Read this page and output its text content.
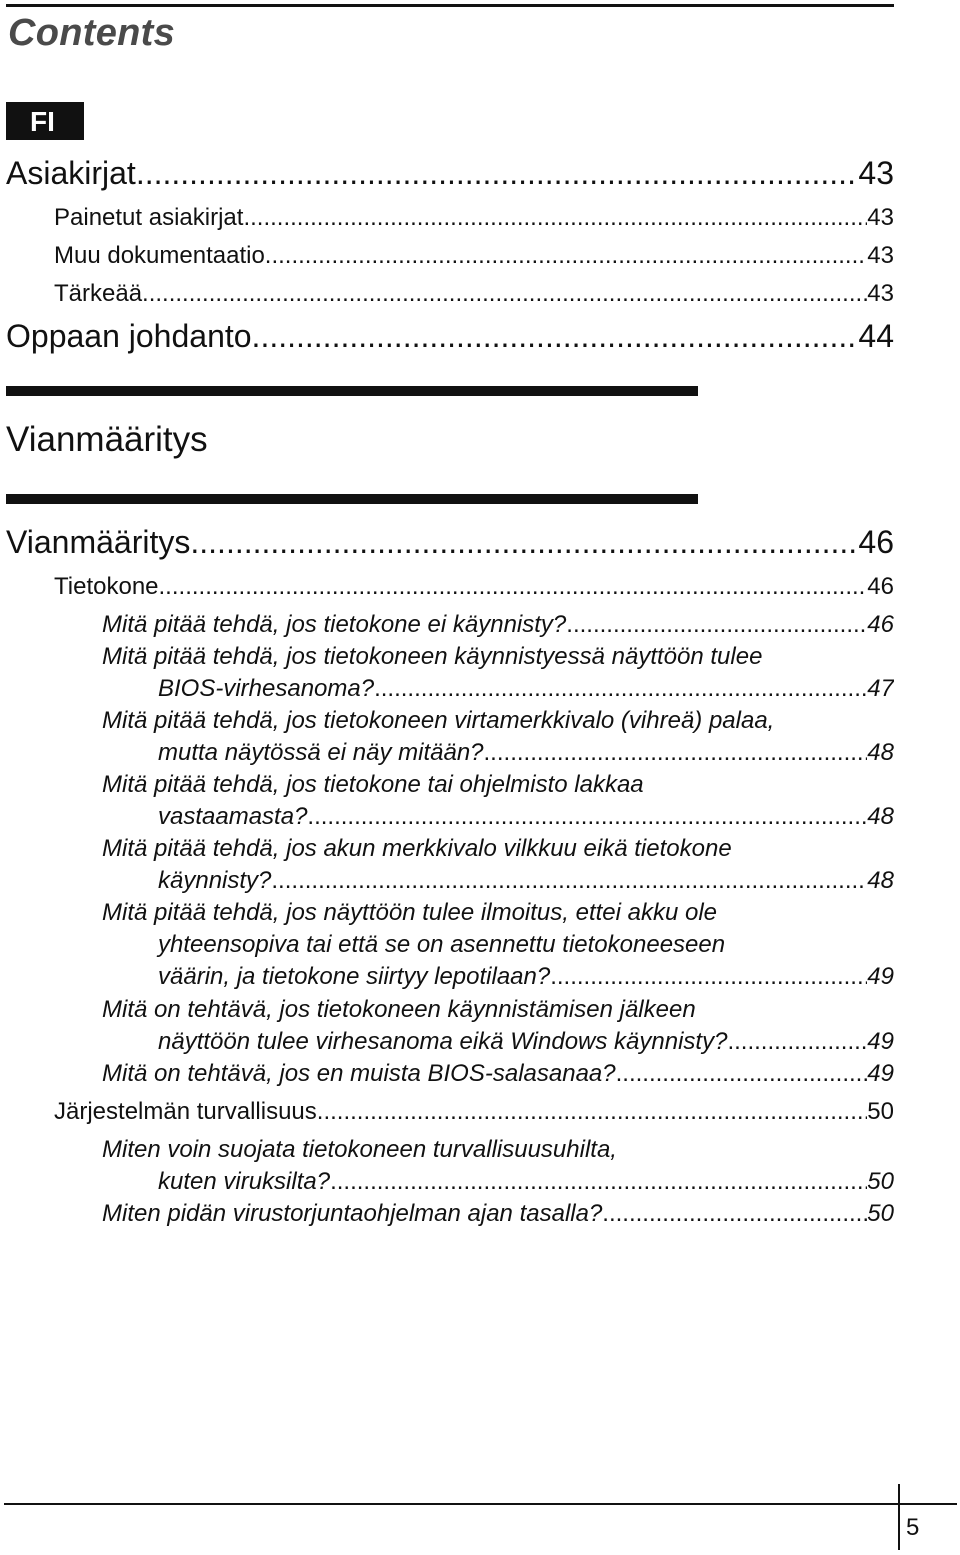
Contents
FI
Asiakirjat .....	43
Painetut asiakirjat .....	43
Muu dokumentaatio .....	43
Tärkeää .....	43
Oppaan johdanto .....	44
Vianmääritys
Vianmääritys .....	46
Tietokone .....	46
Mitä pitää tehdä, jos tietokone ei käynnisty? .....	46
Mitä pitää tehdä, jos tietokoneen käynnistyessä näyttöön tulee
BIOS-virhesanoma? .....	47
Mitä pitää tehdä, jos tietokoneen virtamerkkivalo (vihreä) palaa,
mutta näytössä ei näy mitään? .....	48
Mitä pitää tehdä, jos tietokone tai ohjelmisto lakkaa
vastaamasta? .....	48
Mitä pitää tehdä, jos akun merkkivalo vilkkuu eikä tietokone
käynnisty? .....	48
Mitä pitää tehdä, jos näyttöön tulee ilmoitus, ettei akku ole
yhteensopiva tai että se on asennettu tietokoneeseen
väärin, ja tietokone siirtyy lepotilaan? .....	49
Mitä on tehtävä, jos tietokoneen käynnistämisen jälkeen
näyttöön tulee virhesanoma eikä Windows käynnisty? .....	49
Mitä on tehtävä, jos en muista BIOS-salasanaa? .....	49
Järjestelmän turvallisuus .....	50
Miten voin suojata tietokoneen turvallisuusuhilta,
kuten viruksilta? .....	50
Miten pidän virustorjuntaohjelman ajan tasalla? .....	50
5
